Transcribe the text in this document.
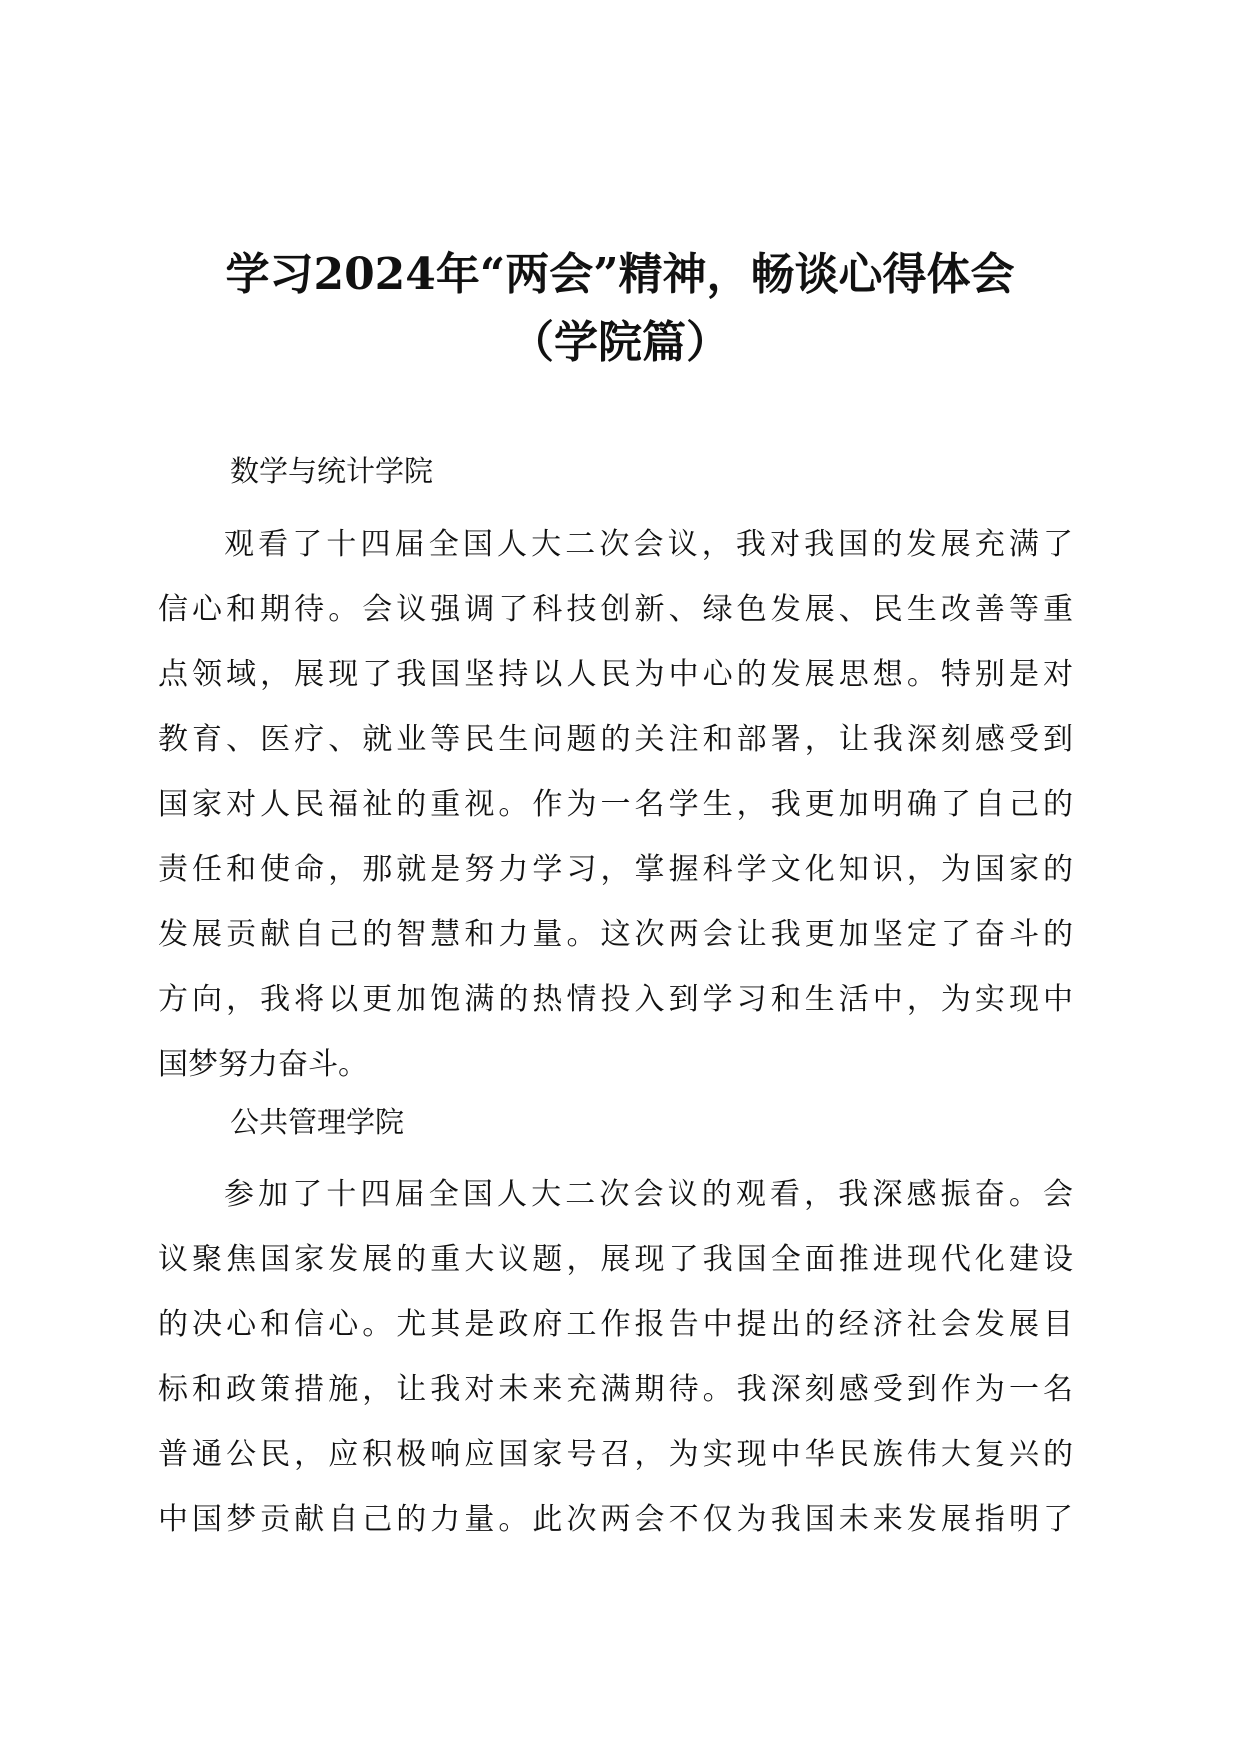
学习2024年“两会”精神，畅谈心得体会
（学院篇）
数学与统计学院
观看了十四届全国人大二次会议，我对我国的发展充满了
信心和期待。会议强调了科技创新、绿色发展、民生改善等重
点领域，展现了我国坚持以人民为中心的发展思想。特别是对
教育、医疗、就业等民生问题的关注和部署，让我深刻感受到
国家对人民福祉的重视。作为一名学生，我更加明确了自己的
责任和使命，那就是努力学习，掌握科学文化知识，为国家的
发展贡献自己的智慧和力量。这次两会让我更加坚定了奋斗的
方向，我将以更加饱满的热情投入到学习和生活中，为实现中
国梦努力奋斗。
公共管理学院
参加了十四届全国人大二次会议的观看，我深感振奋。会
议聚焦国家发展的重大议题，展现了我国全面推进现代化建设
的决心和信心。尤其是政府工作报告中提出的经济社会发展目
标和政策措施，让我对未来充满期待。我深刻感受到作为一名
普通公民，应积极响应国家号召，为实现中华民族伟大复兴的
中国梦贡献自己的力量。此次两会不仅为我国未来发展指明了
